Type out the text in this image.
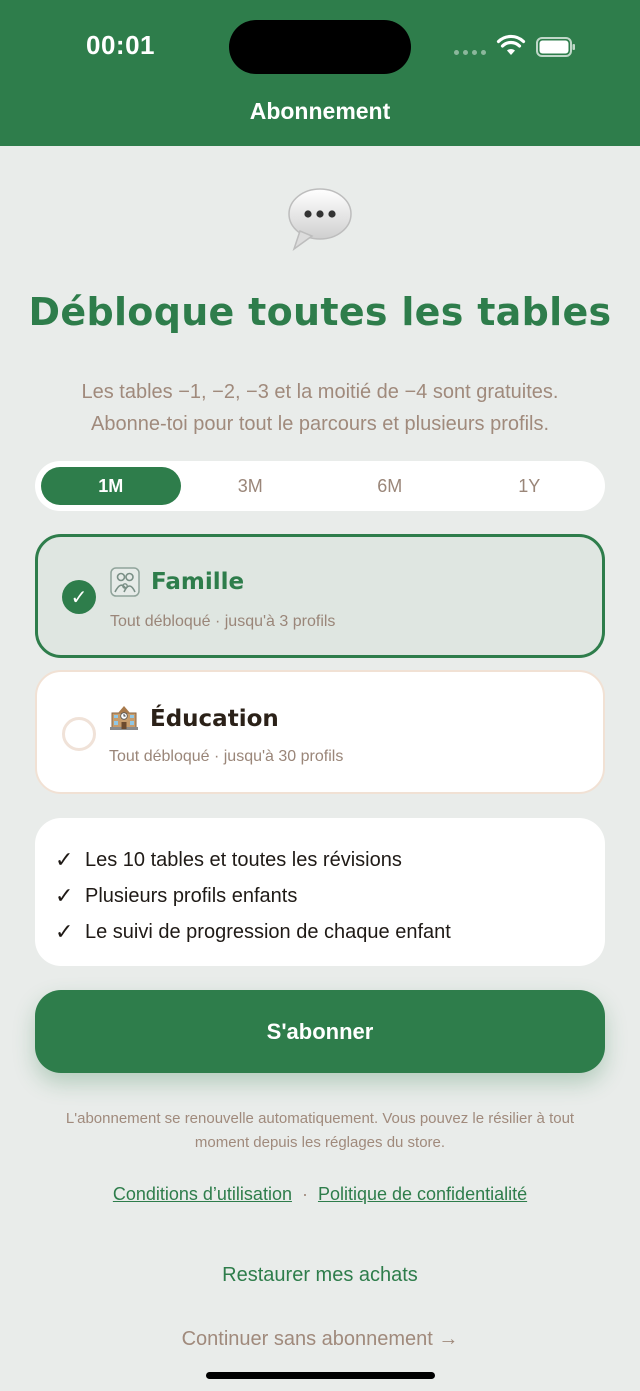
00:01
Abonnement
Débloque toutes les tables
Les tables −1, −2, −3 et la moitié de −4 sont gratuites.
Abonne-toi pour tout le parcours et plusieurs profils.
1M	3M	6M	1Y
✓
Famille
Tout débloqué · jusqu'à 3 profils
Éducation
Tout débloqué · jusqu'à 30 profils
✓ Les 10 tables et toutes les révisions
✓ Plusieurs profils enfants
✓ Le suivi de progression de chaque enfant
S'abonner
L'abonnement se renouvelle automatiquement. Vous pouvez le résilier à tout
moment depuis les réglages du store.
Conditions d’utilisation · Politique de confidentialité
Restaurer mes achats
Continuer sans abonnement →
